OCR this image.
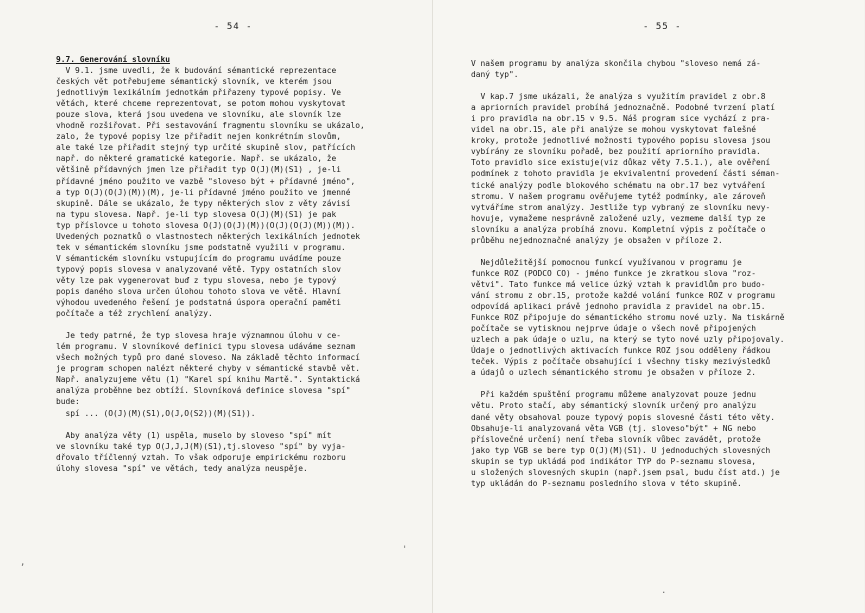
- 54 -
9.7. Generování slovníku
V 9.1. jsme uvedli, že k budování sémantické reprezentace
českých vět potřebujeme sémantický slovník, ve kterém jsou
jednotlivým lexikálním jednotkám přiřazeny typové popisy. Ve
větách, které chceme reprezentovat, se potom mohou vyskytovat
pouze slova, která jsou uvedena ve slovníku, ale slovník lze
vhodně rozšiřovat. Při sestavování fragmentu slovníku se ukázalo,
zalo, že typové popisy lze přiřadit nejen konkrétním slovům,
ale také lze přiřadit stejný typ určité skupině slov, patřících
např. do některé gramatické kategorie. Např. se ukázalo, že
většině přídavných jmen lze přiřadit typ O(J)(M)(S1) , je-li
přídavné jméno použito ve vazbě "sloveso být + přídavné jméno",
a typ O(J)(O(J)(M))(M), je-li přídavné jméno použito ve jmenné
skupině. Dále se ukázalo, že typy některých slov z věty závisí
na typu slovesa. Např. je-li typ slovesa O(J)(M)(S1) je pak
typ příslovce u tohoto slovesa O(J)(O(J)(M))(O(J)(O(J)(M))(M)).
Uvedených poznatků o vlastnostech některých lexikálních jednotek
tek v sémantickém slovníku jsme podstatně využili v programu.
V sémantickém slovníku vstupujícím do programu uvádíme pouze
typový popis slovesa v analyzované větě. Typy ostatních slov
věty lze pak vygenerovat buď z typu slovesa, nebo je typový
popis daného slova určen úlohou tohoto slova ve větě. Hlavní
výhodou uvedeného řešení je podstatná úspora operační paměti
počítače a též zrychlení analýzy.
Je tedy patrné, že typ slovesa hraje významnou úlohu v ce-
lém programu. V slovníkové definici typu slovesa udáváme seznam
všech možných typů pro dané sloveso. Na základě těchto informací
je program schopen nalézt některé chyby v sémantické stavbě vět.
Např. analyzujeme větu (1) "Karel spí knihu Martě.". Syntaktická
analýza proběhne bez obtíží. Slovníková definice slovesa "spí"
bude:
spí ... (O(J)(M)(S1),O(J,O(S2))(M)(S1)).
Aby analýza věty (1) uspěla, muselo by sloveso "spí" mít
ve slovníku také typ O(J,J,J(M)(S1),tj.sloveso "spí" by vyja-
dřovalo tříčlenný vztah. To však odporuje empirickému rozboru
úlohy slovesa "spí" ve větách, tedy analýza neuspěje.
'
,
- 55 -
V našem programu by analýza skončila chybou "sloveso nemá zá-
daný typ".
V kap.7 jsme ukázali, že analýza s využitím pravidel z obr.8
a apriorních pravidel probíhá jednoznačně. Podobné tvrzení platí
i pro pravidla na obr.15 v 9.5. Náš program sice vychází z pra-
videl na obr.15, ale při analýze se mohou vyskytovat falešné
kroky, protože jednotlivé možnosti typového popisu slovesa jsou
vybírány ze slovníku pořadě, bez použití apriorního pravidla.
Toto pravidlo sice existuje(viz důkaz věty 7.5.1.), ale ověření
podmínek z tohoto pravidla je ekvivalentní provedení části séman-
tické analýzy podle blokového schématu na obr.17 bez vytváření
stromu. V našem programu ověřujeme tytéž podmínky, ale zároveň
vytváříme strom analýzy. Jestliže typ vybraný ze slovníku nevy-
hovuje, vymažeme nesprávně založené uzly, vezmeme další typ ze
slovníku a analýza probíhá znovu. Kompletní výpis z počítače o
průběhu nejednoznačné analýzy je obsažen v příloze 2.
Nejdůležitější pomocnou funkcí využívanou v programu je
funkce ROZ (PODCO CO) - jméno funkce je zkratkou slova "roz-
větvi". Tato funkce má velice úzký vztah k pravidlům pro budo-
vání stromu z obr.15, protože každé volání funkce ROZ v programu
odpovídá aplikaci právě jednoho pravidla z pravidel na obr.15.
Funkce ROZ připojuje do sémantického stromu nové uzly. Na tiskárně
počítače se vytisknou nejprve údaje o všech nově připojených
uzlech a pak údaje o uzlu, na který se tyto nové uzly připojovaly.
Údaje o jednotlivých aktivacích funkce ROZ jsou odděleny řádkou
teček. Výpis z počítače obsahující i všechny tisky mezivýsledků
a údajů o uzlech sémantického stromu je obsažen v příloze 2.
Při každém spuštění programu můžeme analyzovat pouze jednu
větu. Proto stačí, aby sémantický slovník určený pro analýzu
dané věty obsahoval pouze typový popis slovesné části této věty.
Obsahuje-li analyzovaná věta VGB (tj. sloveso"být" + NG nebo
příslovečné určení) není třeba slovník vůbec zavádět, protože
jako typ VGB se bere typ O(J)(M)(S1). U jednoduchých slovesných
skupin se typ ukládá pod indikátor TYP do P-seznamu slovesa,
u složených slovesných skupin (např.jsem psal, budu číst atd.) je
typ ukládán do P-seznamu posledního slova v této skupině.
.
